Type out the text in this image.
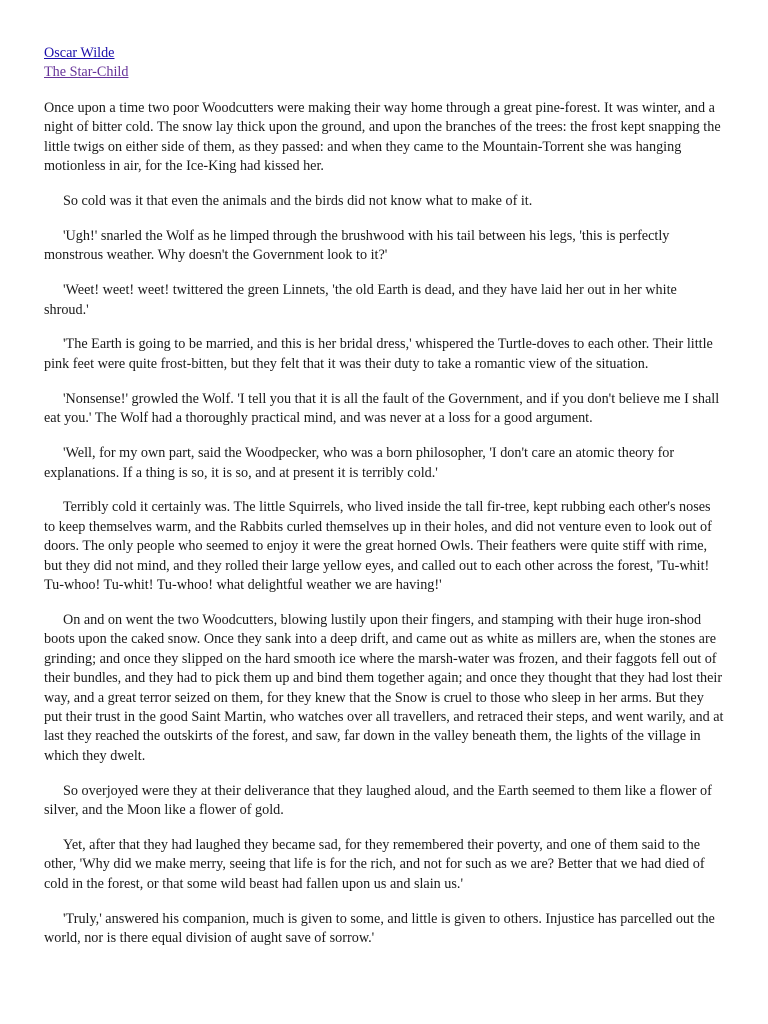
Oscar Wilde
The Star-Child

Once upon a time two poor Woodcutters were making their way home through a great pine-forest. It was winter, and a night of bitter cold. The snow lay thick upon the ground, and upon the branches of the trees: the frost kept snapping the little twigs on either side of them, as they passed: and when they came to the Mountain-Torrent she was hanging motionless in air, for the Ice-King had kissed her.

So cold was it that even the animals and the birds did not know what to make of it.

'Ugh!' snarled the Wolf as he limped through the brushwood with his tail between his legs, 'this is perfectly monstrous weather. Why doesn't the Government look to it?'

'Weet! weet! weet! twittered the green Linnets, 'the old Earth is dead, and they have laid her out in her white shroud.'

'The Earth is going to be married, and this is her bridal dress,' whispered the Turtle-doves to each other. Their little pink feet were quite frost-bitten, but they felt that it was their duty to take a romantic view of the situation.

'Nonsense!' growled the Wolf. 'I tell you that it is all the fault of the Government, and if you don't believe me I shall eat you.' The Wolf had a thoroughly practical mind, and was never at a loss for a good argument.

'Well, for my own part, said the Woodpecker, who was a born philosopher, 'I don't care an atomic theory for explanations. If a thing is so, it is so, and at present it is terribly cold.'

Terribly cold it certainly was. The little Squirrels, who lived inside the tall fir-tree, kept rubbing each other's noses to keep themselves warm, and the Rabbits curled themselves up in their holes, and did not venture even to look out of doors. The only people who seemed to enjoy it were the great horned Owls. Their feathers were quite stiff with rime, but they did not mind, and they rolled their large yellow eyes, and called out to each other across the forest, 'Tu-whit! Tu-whoo! Tu-whit! Tu-whoo! what delightful weather we are having!'

On and on went the two Woodcutters, blowing lustily upon their fingers, and stamping with their huge iron-shod boots upon the caked snow. Once they sank into a deep drift, and came out as white as millers are, when the stones are grinding; and once they slipped on the hard smooth ice where the marsh-water was frozen, and their faggots fell out of their bundles, and they had to pick them up and bind them together again; and once they thought that they had lost their way, and a great terror seized on them, for they knew that the Snow is cruel to those who sleep in her arms. But they put their trust in the good Saint Martin, who watches over all travellers, and retraced their steps, and went warily, and at last they reached the outskirts of the forest, and saw, far down in the valley beneath them, the lights of the village in which they dwelt.

So overjoyed were they at their deliverance that they laughed aloud, and the Earth seemed to them like a flower of silver, and the Moon like a flower of gold.

Yet, after that they had laughed they became sad, for they remembered their poverty, and one of them said to the other, 'Why did we make merry, seeing that life is for the rich, and not for such as we are? Better that we had died of cold in the forest, or that some wild beast had fallen upon us and slain us.'

'Truly,' answered his companion, much is given to some, and little is given to others. Injustice has parcelled out the world, nor is there equal division of aught save of sorrow.'
